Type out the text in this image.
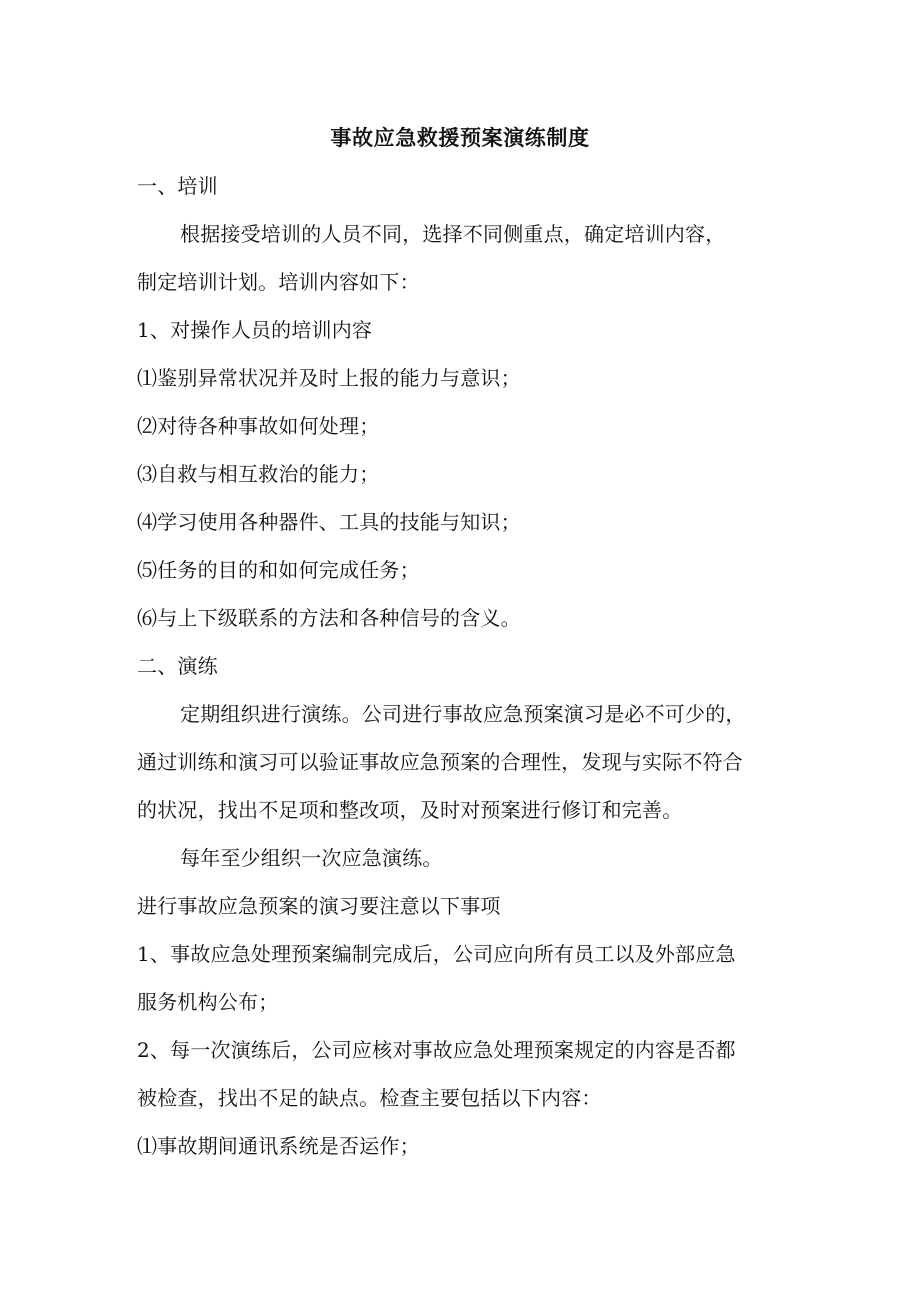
事故应急救援预案演练制度
一、培训
根据接受培训的人员不同，选择不同侧重点，确定培训内容，
制定培训计划。培训内容如下：
1、对操作人员的培训内容
⑴鉴别异常状况并及时上报的能力与意识；
⑵对待各种事故如何处理；
⑶自救与相互救治的能力；
⑷学习使用各种器件、工具的技能与知识；
⑸任务的目的和如何完成任务；
⑹与上下级联系的方法和各种信号的含义。
二、演练
定期组织进行演练。公司进行事故应急预案演习是必不可少的，
通过训练和演习可以验证事故应急预案的合理性，发现与实际不符合
的状况，找出不足项和整改项，及时对预案进行修订和完善。
每年至少组织一次应急演练。
进行事故应急预案的演习要注意以下事项
1、事故应急处理预案编制完成后，公司应向所有员工以及外部应急
服务机构公布；
2、每一次演练后，公司应核对事故应急处理预案规定的内容是否都
被检查，找出不足的缺点。检查主要包括以下内容：
⑴事故期间通讯系统是否运作；
